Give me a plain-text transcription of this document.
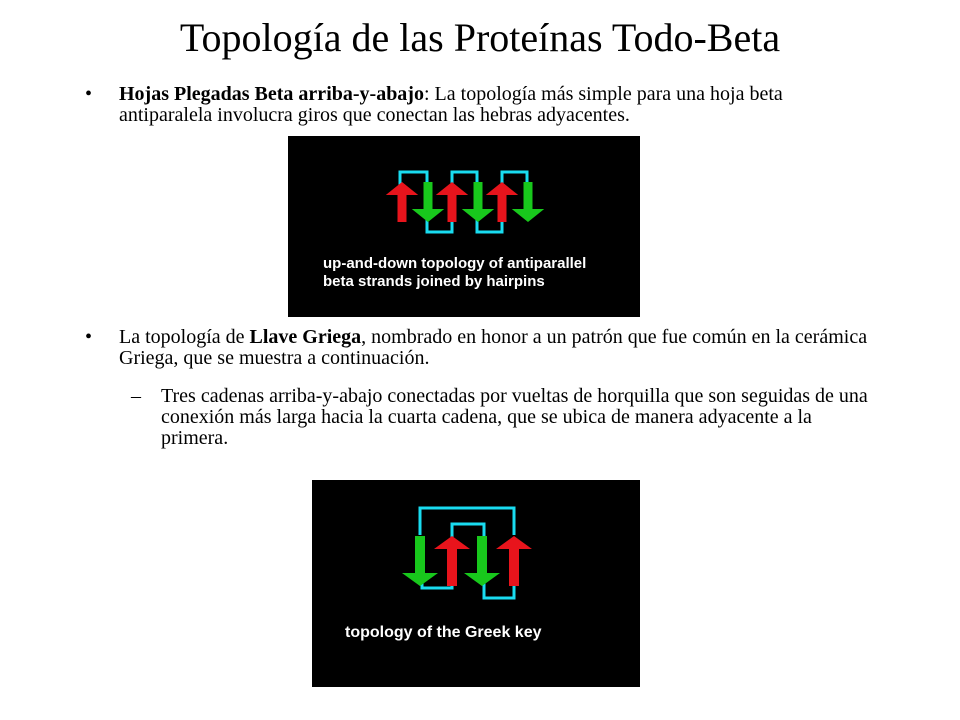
Topología de las Proteínas Todo-Beta
• Hojas Plegadas Beta arriba-y-abajo: La topología más simple para una hoja beta antiparalela involucra giros que conectan las hebras adyacentes.
up-and-down topology of antiparallel
beta strands joined by hairpins
• La topología de Llave Griega, nombrado en honor a un patrón que fue común en la cerámica Griega, que se muestra a continuación.
– Tres cadenas arriba-y-abajo conectadas por vueltas de horquilla que son seguidas de una conexión más larga hacia la cuarta cadena, que se ubica de manera adyacente a la primera.
topology of the Greek key
